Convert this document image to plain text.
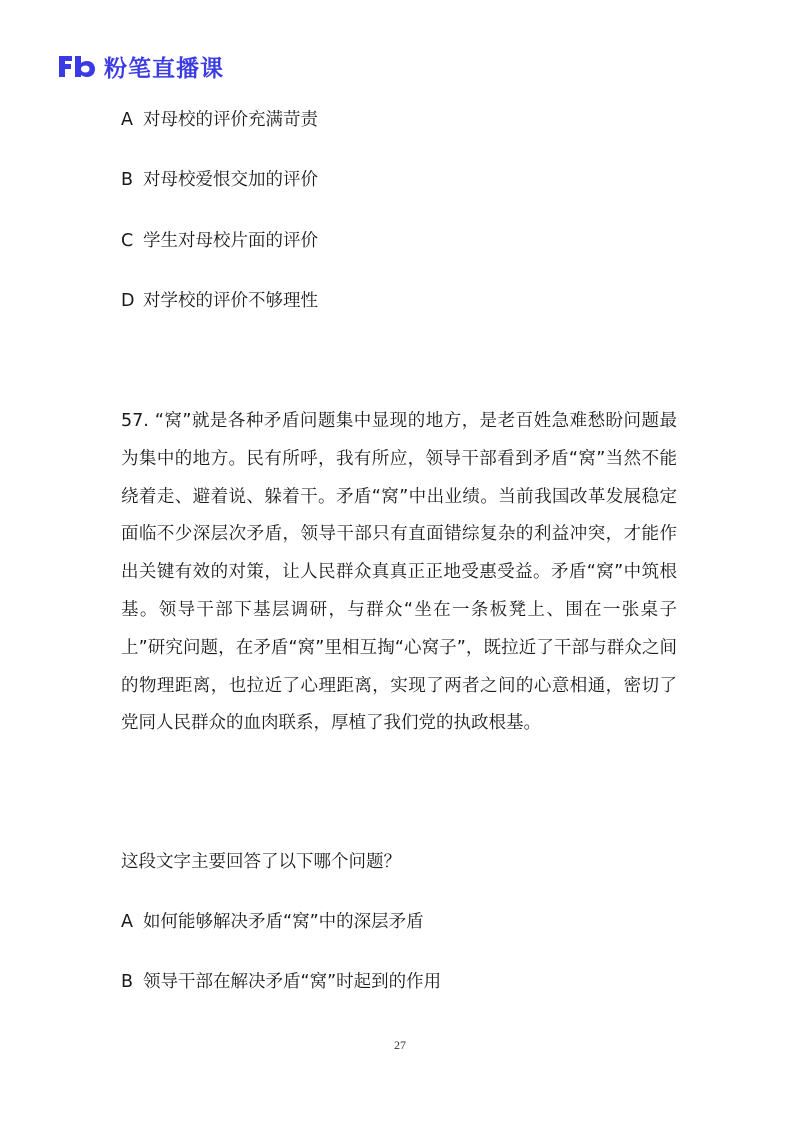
粉笔直播课
A 对母校的评价充满苛责
B 对母校爱恨交加的评价
C 学生对母校片面的评价
D 对学校的评价不够理性
57. “窝”就是各种矛盾问题集中显现的地方，是老百姓急难愁盼问题最为集中的地方。民有所呼，我有所应，领导干部看到矛盾“窝”当然不能绕着走、避着说、躲着干。矛盾“窝”中出业绩。当前我国改革发展稳定面临不少深层次矛盾，领导干部只有直面错综复杂的利益冲突，才能作出关键有效的对策，让人民群众真真正正地受惠受益。矛盾“窝”中筑根基。领导干部下基层调研，与群众“坐在一条板凳上、围在一张桌子上”研究问题，在矛盾“窝”里相互掏“心窝子”，既拉近了干部与群众之间的物理距离，也拉近了心理距离，实现了两者之间的心意相通，密切了党同人民群众的血肉联系，厚植了我们党的执政根基。
这段文字主要回答了以下哪个问题？
A 如何能够解决矛盾“窝”中的深层矛盾
B 领导干部在解决矛盾“窝”时起到的作用
27
